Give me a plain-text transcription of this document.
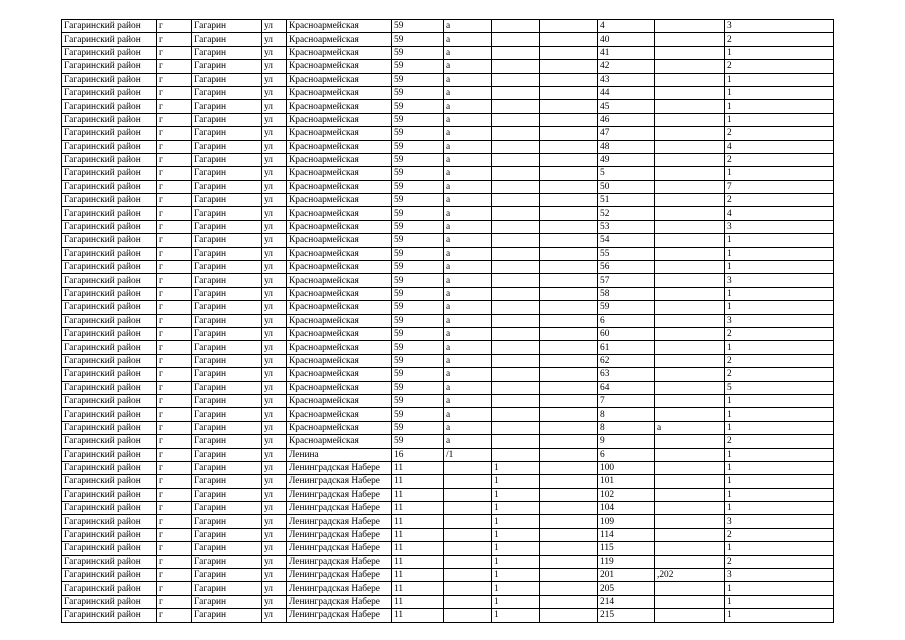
Гагаринский район	г	Гагарин	ул	Красноармейская	59	а			4		3
Гагаринский район	г	Гагарин	ул	Красноармейская	59	а			40		2
Гагаринский район	г	Гагарин	ул	Красноармейская	59	а			41		1
Гагаринский район	г	Гагарин	ул	Красноармейская	59	а			42		2
Гагаринский район	г	Гагарин	ул	Красноармейская	59	а			43		1
Гагаринский район	г	Гагарин	ул	Красноармейская	59	а			44		1
Гагаринский район	г	Гагарин	ул	Красноармейская	59	а			45		1
Гагаринский район	г	Гагарин	ул	Красноармейская	59	а			46		1
Гагаринский район	г	Гагарин	ул	Красноармейская	59	а			47		2
Гагаринский район	г	Гагарин	ул	Красноармейская	59	а			48		4
Гагаринский район	г	Гагарин	ул	Красноармейская	59	а			49		2
Гагаринский район	г	Гагарин	ул	Красноармейская	59	а			5		1
Гагаринский район	г	Гагарин	ул	Красноармейская	59	а			50		7
Гагаринский район	г	Гагарин	ул	Красноармейская	59	а			51		2
Гагаринский район	г	Гагарин	ул	Красноармейская	59	а			52		4
Гагаринский район	г	Гагарин	ул	Красноармейская	59	а			53		3
Гагаринский район	г	Гагарин	ул	Красноармейская	59	а			54		1
Гагаринский район	г	Гагарин	ул	Красноармейская	59	а			55		1
Гагаринский район	г	Гагарин	ул	Красноармейская	59	а			56		1
Гагаринский район	г	Гагарин	ул	Красноармейская	59	а			57		3
Гагаринский район	г	Гагарин	ул	Красноармейская	59	а			58		1
Гагаринский район	г	Гагарин	ул	Красноармейская	59	а			59		1
Гагаринский район	г	Гагарин	ул	Красноармейская	59	а			6		3
Гагаринский район	г	Гагарин	ул	Красноармейская	59	а			60		2
Гагаринский район	г	Гагарин	ул	Красноармейская	59	а			61		1
Гагаринский район	г	Гагарин	ул	Красноармейская	59	а			62		2
Гагаринский район	г	Гагарин	ул	Красноармейская	59	а			63		2
Гагаринский район	г	Гагарин	ул	Красноармейская	59	а			64		5
Гагаринский район	г	Гагарин	ул	Красноармейская	59	а			7		1
Гагаринский район	г	Гагарин	ул	Красноармейская	59	а			8		1
Гагаринский район	г	Гагарин	ул	Красноармейская	59	а			8	а	1
Гагаринский район	г	Гагарин	ул	Красноармейская	59	а			9		2
Гагаринский район	г	Гагарин	ул	Ленина	16	/1			6		1
Гагаринский район	г	Гагарин	ул	Ленинградская Набере	11		1		100		1
Гагаринский район	г	Гагарин	ул	Ленинградская Набере	11		1		101		1
Гагаринский район	г	Гагарин	ул	Ленинградская Набере	11		1		102		1
Гагаринский район	г	Гагарин	ул	Ленинградская Набере	11		1		104		1
Гагаринский район	г	Гагарин	ул	Ленинградская Набере	11		1		109		3
Гагаринский район	г	Гагарин	ул	Ленинградская Набере	11		1		114		2
Гагаринский район	г	Гагарин	ул	Ленинградская Набере	11		1		115		1
Гагаринский район	г	Гагарин	ул	Ленинградская Набере	11		1		119		2
Гагаринский район	г	Гагарин	ул	Ленинградская Набере	11		1		201	,202	3
Гагаринский район	г	Гагарин	ул	Ленинградская Набере	11		1		205		1
Гагаринский район	г	Гагарин	ул	Ленинградская Набере	11		1		214		1
Гагаринский район	г	Гагарин	ул	Ленинградская Набере	11		1		215		1
